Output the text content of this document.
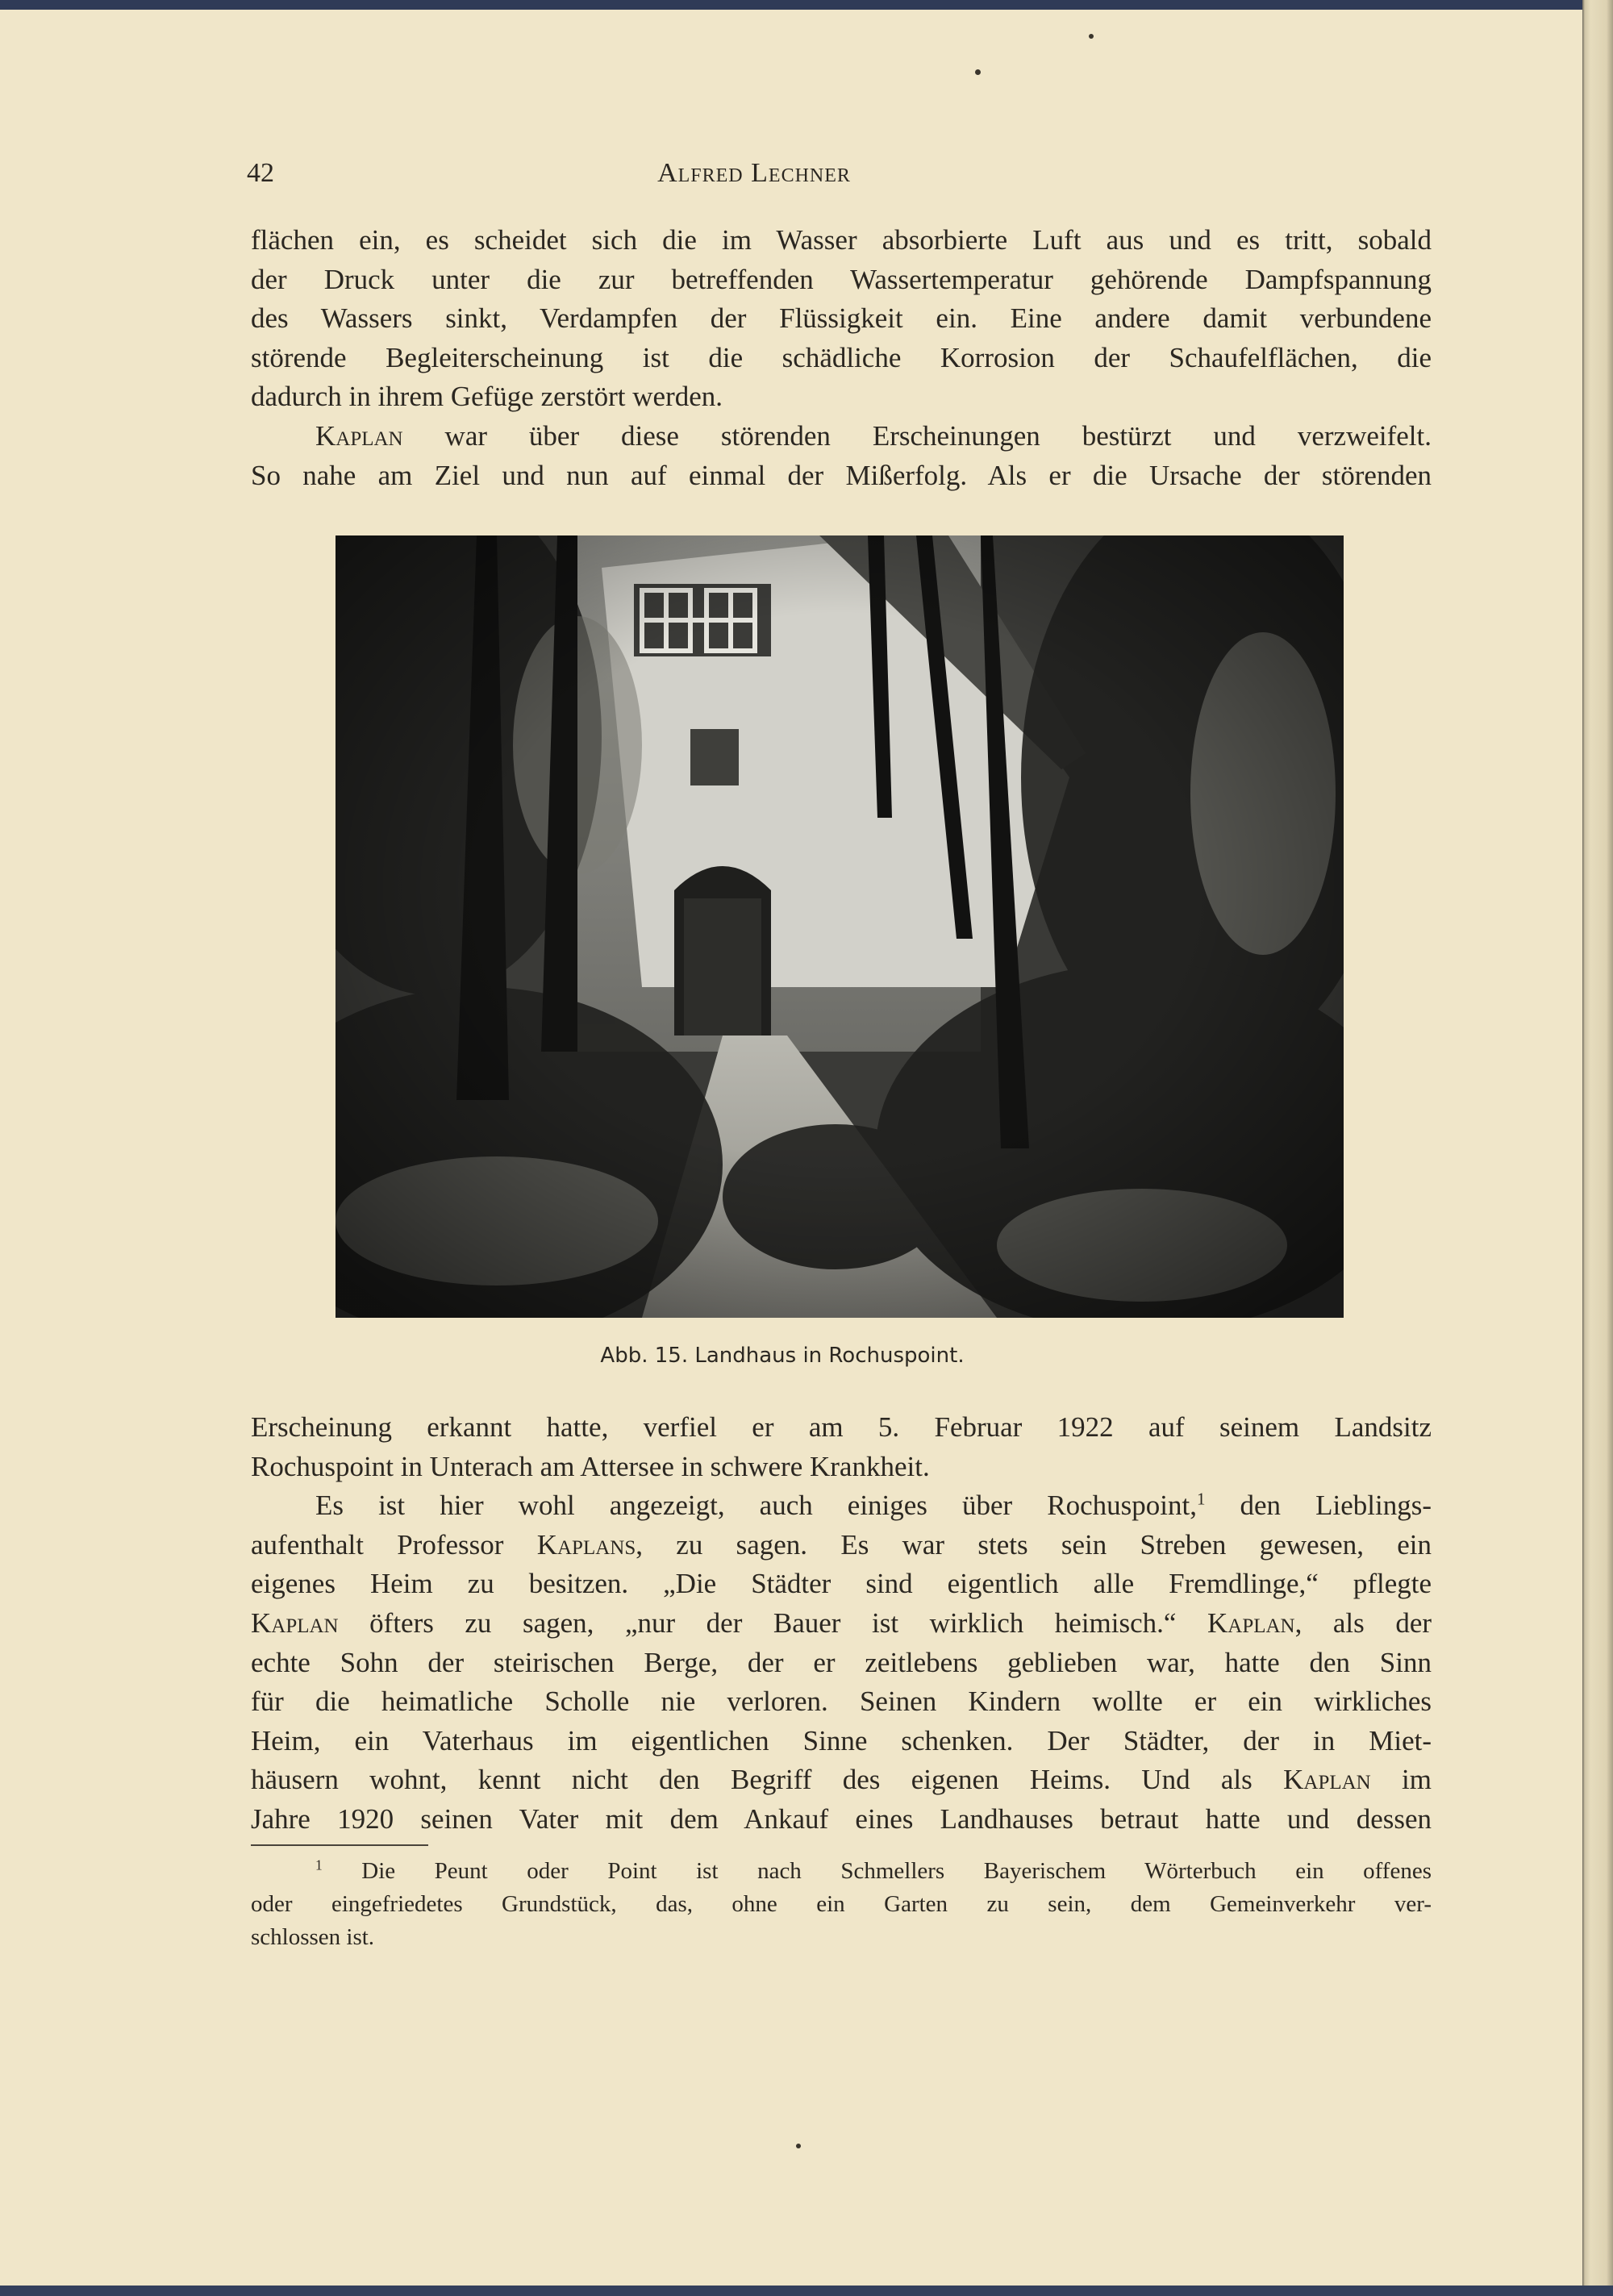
42	Alfred Lechner
flächen ein, es scheidet sich die im Wasser absorbierte Luft aus und es tritt, sobald
der Druck unter die zur betreffenden Wassertemperatur gehörende Dampfspannung
des Wassers sinkt, Verdampfen der Flüssigkeit ein. Eine andere damit verbundene
störende Begleiterscheinung ist die schädliche Korrosion der Schaufelflächen, die
dadurch in ihrem Gefüge zerstört werden.
Kaplan war über diese störenden Erscheinungen bestürzt und verzweifelt.
So nahe am Ziel und nun auf einmal der Mißerfolg. Als er die Ursache der störenden
Abb. 15. Landhaus in Rochuspoint.
Erscheinung erkannt hatte, verfiel er am 5. Februar 1922 auf seinem Landsitz
Rochuspoint in Unterach am Attersee in schwere Krankheit.
Es ist hier wohl angezeigt, auch einiges über Rochuspoint,$^1$ den Lieblings-
aufenthalt Professor Kaplans, zu sagen. Es war stets sein Streben gewesen, ein
eigenes Heim zu besitzen. „Die Städter sind eigentlich alle Fremdlinge,“ pflegte
Kaplan öfters zu sagen, „nur der Bauer ist wirklich heimisch.“ Kaplan, als der
echte Sohn der steirischen Berge, der er zeitlebens geblieben war, hatte den Sinn
für die heimatliche Scholle nie verloren. Seinen Kindern wollte er ein wirkliches
Heim, ein Vaterhaus im eigentlichen Sinne schenken. Der Städter, der in Miet-
häusern wohnt, kennt nicht den Begriff des eigenen Heims. Und als Kaplan im
Jahre 1920 seinen Vater mit dem Ankauf eines Landhauses betraut hatte und dessen
$^1$ Die Peunt oder Point ist nach Schmellers Bayerischem Wörterbuch ein offenes
oder eingefriedetes Grundstück, das, ohne ein Garten zu sein, dem Gemeinverkehr ver-
schlossen ist.
